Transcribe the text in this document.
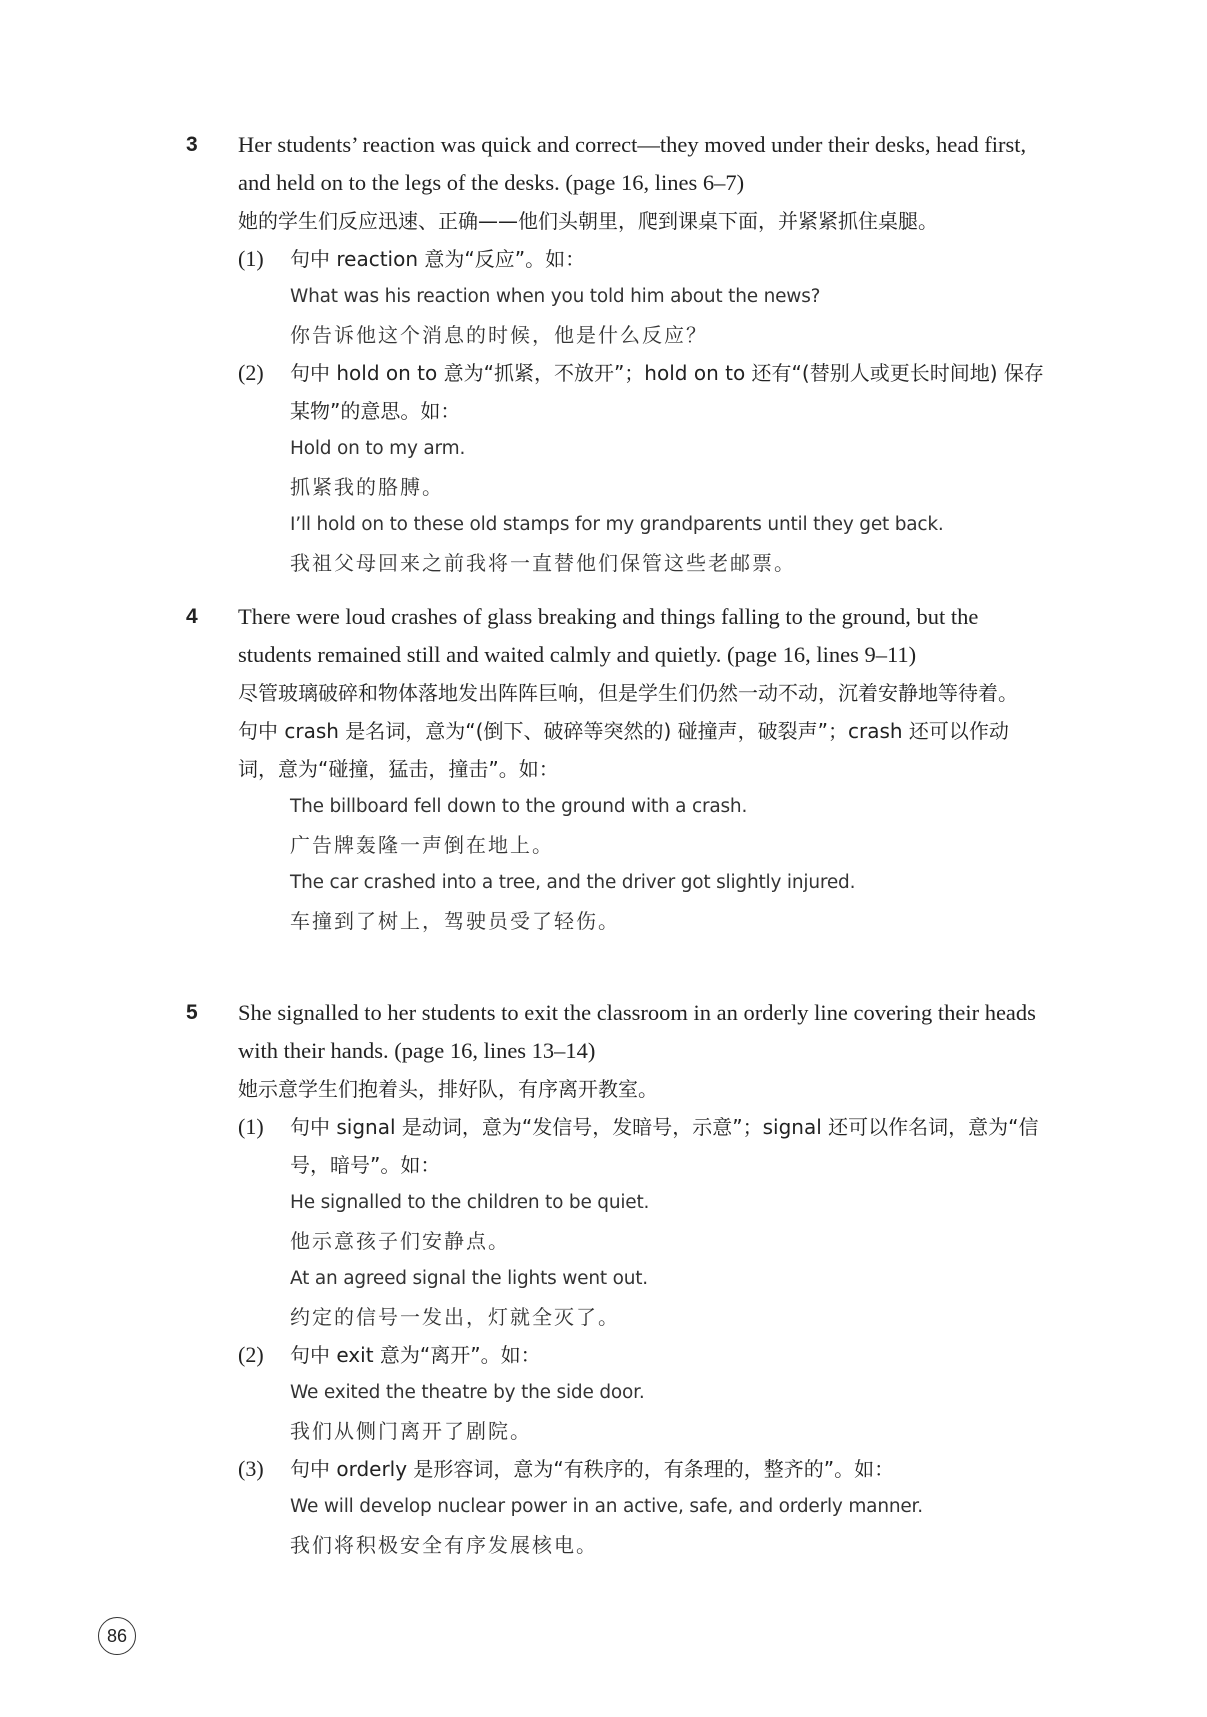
3 Her students’ reaction was quick and correct—they moved under their desks, head first, and held on to the legs of the desks. (page 16, lines 6–7)
她的学生们反应迅速、正确——他们头朝里，爬到课桌下面，并紧紧抓住桌腿。
(1) 句中 reaction 意为“反应”。如：
What was his reaction when you told him about the news?
你告诉他这个消息的时候，他是什么反应？
(2) 句中 hold on to 意为“抓紧，不放开”；hold on to 还有“(替别人或更长时间地) 保存某物”的意思。如：
Hold on to my arm.
抓紧我的胳膊。
I’ll hold on to these old stamps for my grandparents until they get back.
我祖父母回来之前我将一直替他们保管这些老邮票。
4 There were loud crashes of glass breaking and things falling to the ground, but the students remained still and waited calmly and quietly. (page 16, lines 9–11)
尽管玻璃破碎和物体落地发出阵阵巨响，但是学生们仍然一动不动，沉着安静地等待着。
句中 crash 是名词，意为“(倒下、破碎等突然的) 碰撞声，破裂声”；crash 还可以作动词，意为“碰撞，猛击，撞击”。如：
The billboard fell down to the ground with a crash.
广告牌轰隆一声倒在地上。
The car crashed into a tree, and the driver got slightly injured.
车撞到了树上，驾驶员受了轻伤。
5 She signalled to her students to exit the classroom in an orderly line covering their heads with their hands. (page 16, lines 13–14)
她示意学生们抱着头，排好队，有序离开教室。
(1) 句中 signal 是动词，意为“发信号，发暗号，示意”；signal 还可以作名词，意为“信号，暗号”。如：
He signalled to the children to be quiet.
他示意孩子们安静点。
At an agreed signal the lights went out.
约定的信号一发出，灯就全灭了。
(2) 句中 exit 意为“离开”。如：
We exited the theatre by the side door.
我们从侧门离开了剧院。
(3) 句中 orderly 是形容词，意为“有秩序的，有条理的，整齐的”。如：
We will develop nuclear power in an active, safe, and orderly manner.
我们将积极安全有序发展核电。
86
